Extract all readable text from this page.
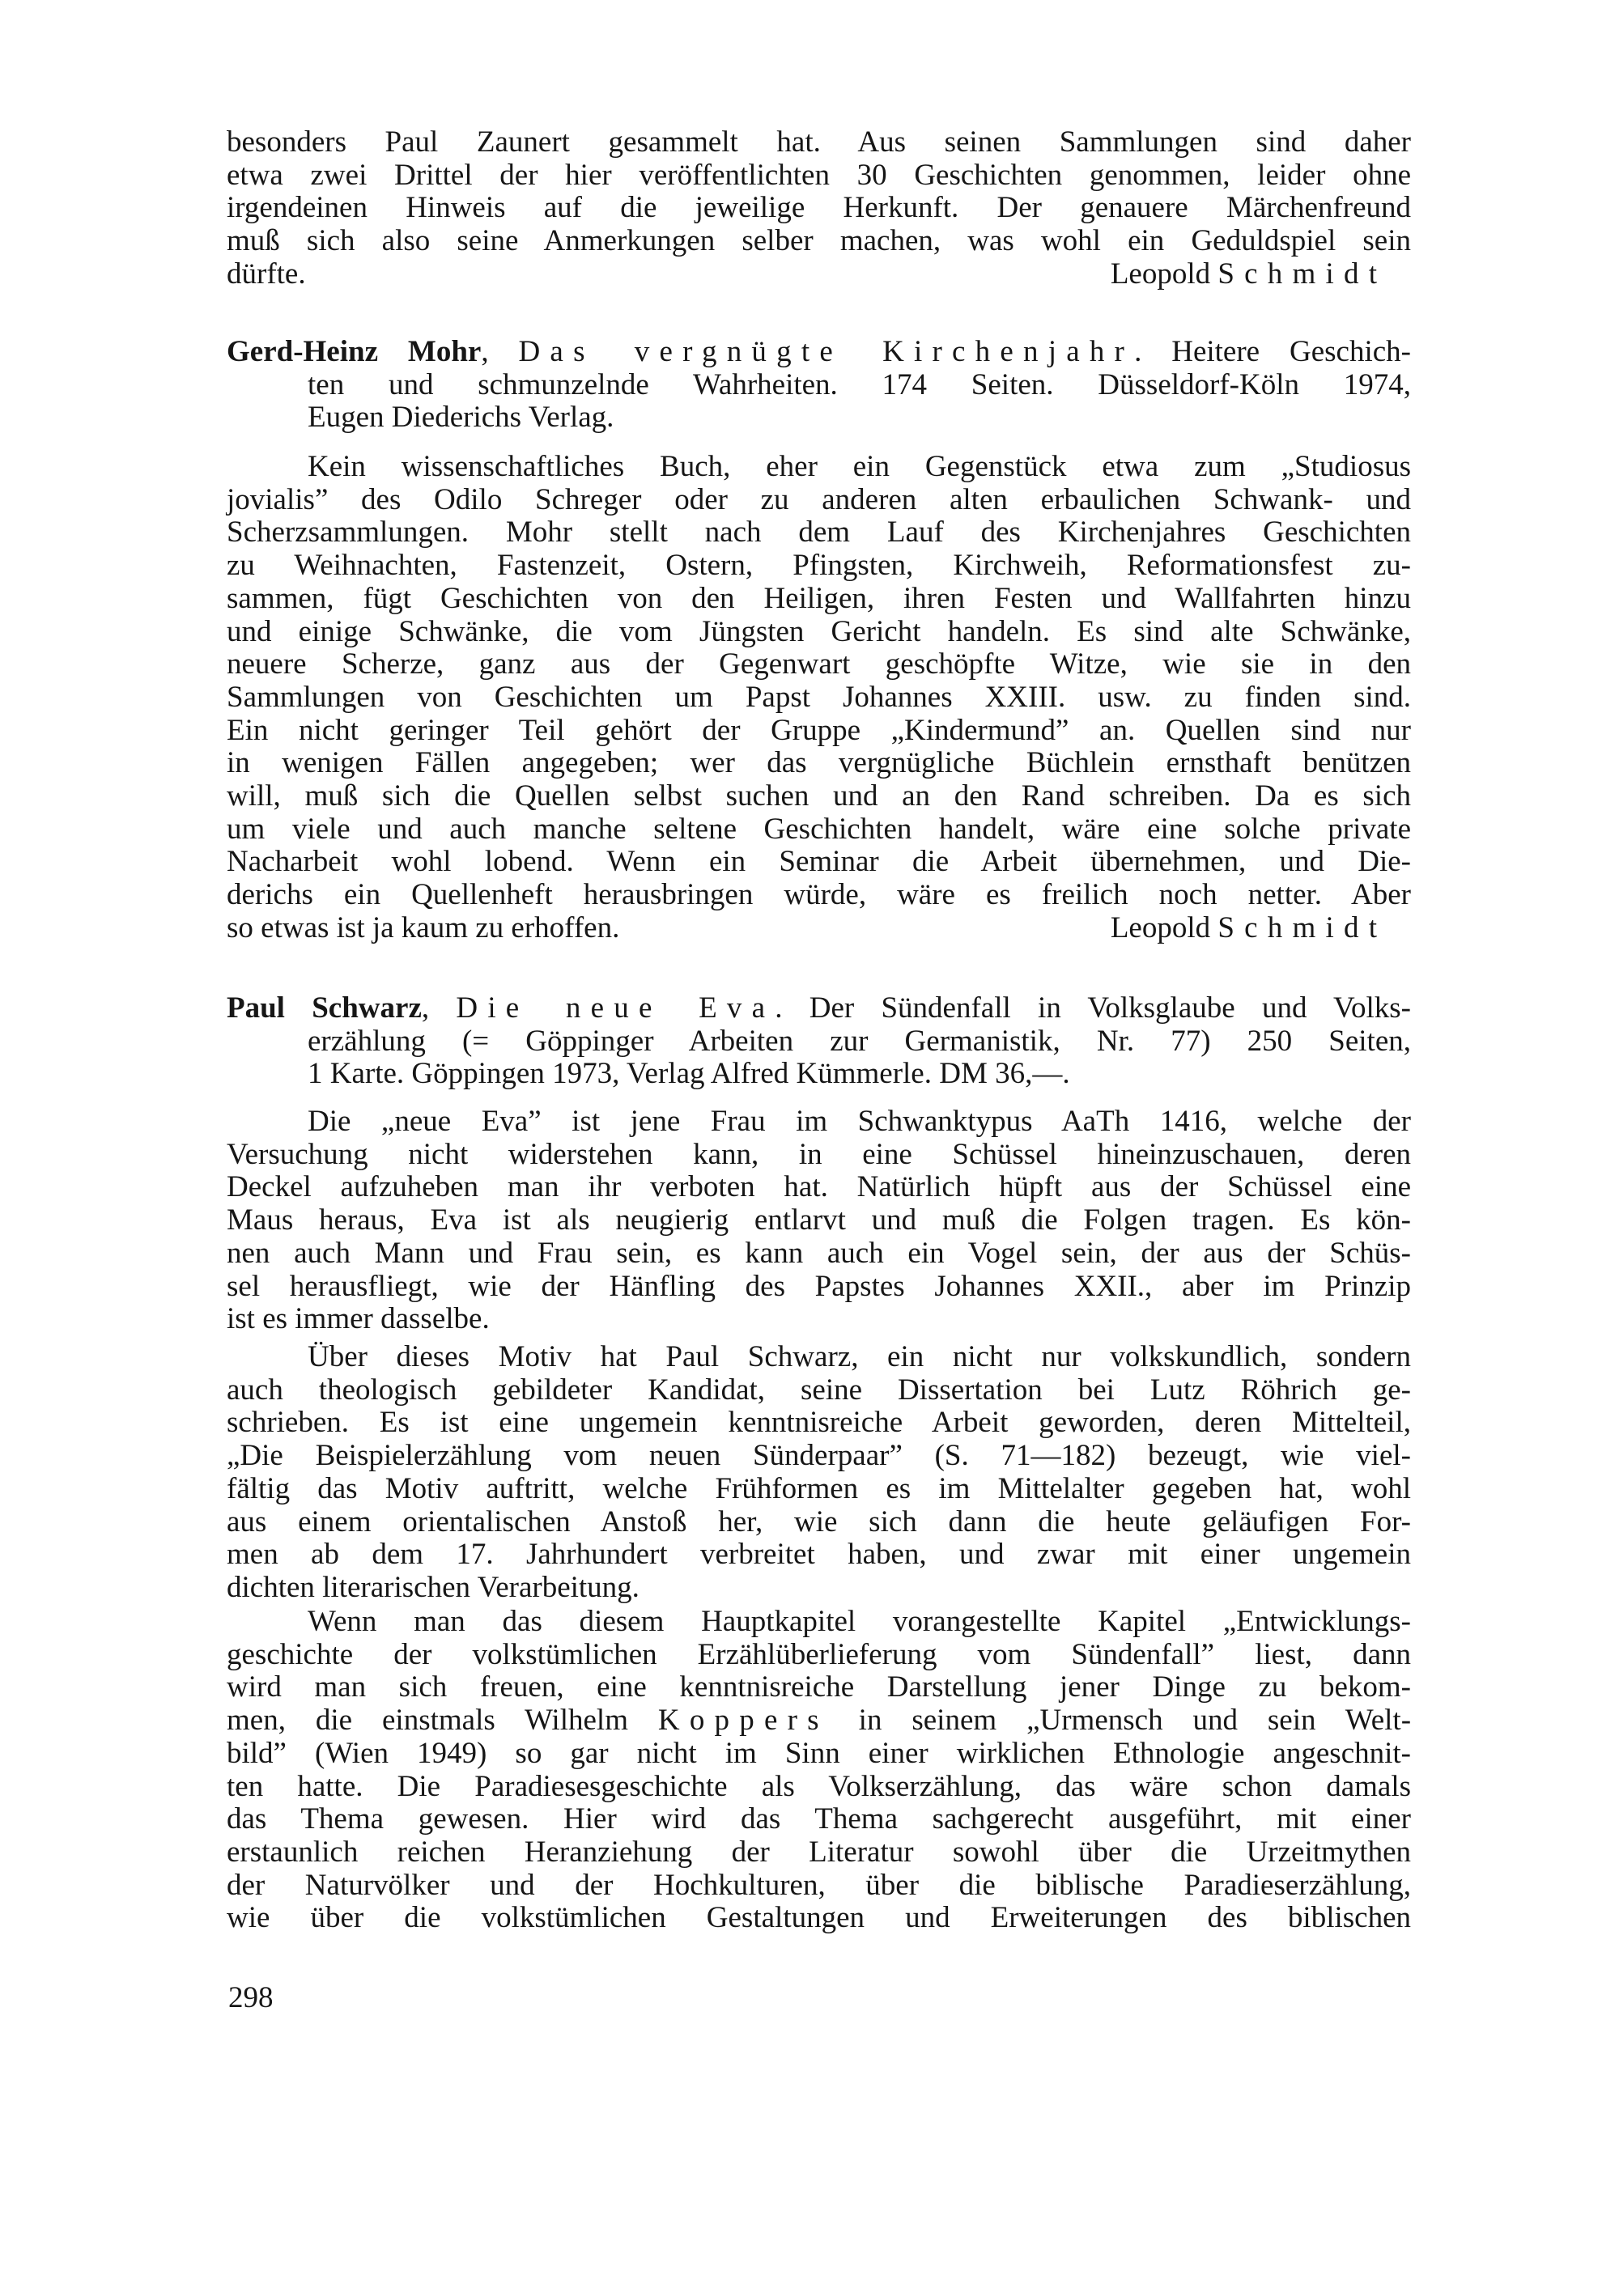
besonders Paul Zaunert gesammelt hat. Aus seinen Sammlungen sind daher
etwa zwei Drittel der hier veröffentlichten 30 Geschichten genommen, leider ohne
irgendeinen Hinweis auf die jeweilige Herkunft. Der genauere Märchenfreund
muß sich also seine Anmerkungen selber machen, was wohl ein Geduldspiel sein
dürfte.	Leopold Schmidt
Gerd-Heinz Mohr, Das vergnügte Kirchenjahr. Heitere Geschich-
ten und schmunzelnde Wahrheiten. 174 Seiten. Düsseldorf-Köln 1974,
Eugen Diederichs Verlag.
Kein wissenschaftliches Buch, eher ein Gegenstück etwa zum „Studiosus
jovialis” des Odilo Schreger oder zu anderen alten erbaulichen Schwank- und
Scherzsammlungen. Mohr stellt nach dem Lauf des Kirchenjahres Geschichten
zu Weihnachten, Fastenzeit, Ostern, Pfingsten, Kirchweih, Reformationsfest zu-
sammen, fügt Geschichten von den Heiligen, ihren Festen und Wallfahrten hinzu
und einige Schwänke, die vom Jüngsten Gericht handeln. Es sind alte Schwänke,
neuere Scherze, ganz aus der Gegenwart geschöpfte Witze, wie sie in den
Sammlungen von Geschichten um Papst Johannes XXIII. usw. zu finden sind.
Ein nicht geringer Teil gehört der Gruppe „Kindermund” an. Quellen sind nur
in wenigen Fällen angegeben; wer das vergnügliche Büchlein ernsthaft benützen
will, muß sich die Quellen selbst suchen und an den Rand schreiben. Da es sich
um viele und auch manche seltene Geschichten handelt, wäre eine solche private
Nacharbeit wohl lobend. Wenn ein Seminar die Arbeit übernehmen, und Die-
derichs ein Quellenheft herausbringen würde, wäre es freilich noch netter. Aber
so etwas ist ja kaum zu erhoffen.	Leopold Schmidt
Paul Schwarz, Die neue Eva. Der Sündenfall in Volksglaube und Volks-
erzählung (= Göppinger Arbeiten zur Germanistik, Nr. 77) 250 Seiten,
1 Karte. Göppingen 1973, Verlag Alfred Kümmerle. DM 36,—.
Die „neue Eva” ist jene Frau im Schwanktypus AaTh 1416, welche der
Versuchung nicht widerstehen kann, in eine Schüssel hineinzuschauen, deren
Deckel aufzuheben man ihr verboten hat. Natürlich hüpft aus der Schüssel eine
Maus heraus, Eva ist als neugierig entlarvt und muß die Folgen tragen. Es kön-
nen auch Mann und Frau sein, es kann auch ein Vogel sein, der aus der Schüs-
sel herausfliegt, wie der Hänfling des Papstes Johannes XXII., aber im Prinzip
ist es immer dasselbe.
Über dieses Motiv hat Paul Schwarz, ein nicht nur volkskundlich, sondern
auch theologisch gebildeter Kandidat, seine Dissertation bei Lutz Röhrich ge-
schrieben. Es ist eine ungemein kenntnisreiche Arbeit geworden, deren Mittelteil,
„Die Beispielerzählung vom neuen Sünderpaar” (S. 71—182) bezeugt, wie viel-
fältig das Motiv auftritt, welche Frühformen es im Mittelalter gegeben hat, wohl
aus einem orientalischen Anstoß her, wie sich dann die heute geläufigen For-
men ab dem 17. Jahrhundert verbreitet haben, und zwar mit einer ungemein
dichten literarischen Verarbeitung.
Wenn man das diesem Hauptkapitel vorangestellte Kapitel „Entwicklungs-
geschichte der volkstümlichen Erzählüberlieferung vom Sündenfall” liest, dann
wird man sich freuen, eine kenntnisreiche Darstellung jener Dinge zu bekom-
men, die einstmals Wilhelm Koppers in seinem „Urmensch und sein Welt-
bild” (Wien 1949) so gar nicht im Sinn einer wirklichen Ethnologie angeschnit-
ten hatte. Die Paradiesesgeschichte als Volkserzählung, das wäre schon damals
das Thema gewesen. Hier wird das Thema sachgerecht ausgeführt, mit einer
erstaunlich reichen Heranziehung der Literatur sowohl über die Urzeitmythen
der Naturvölker und der Hochkulturen, über die biblische Paradieserzählung,
wie über die volkstümlichen Gestaltungen und Erweiterungen des biblischen
298
